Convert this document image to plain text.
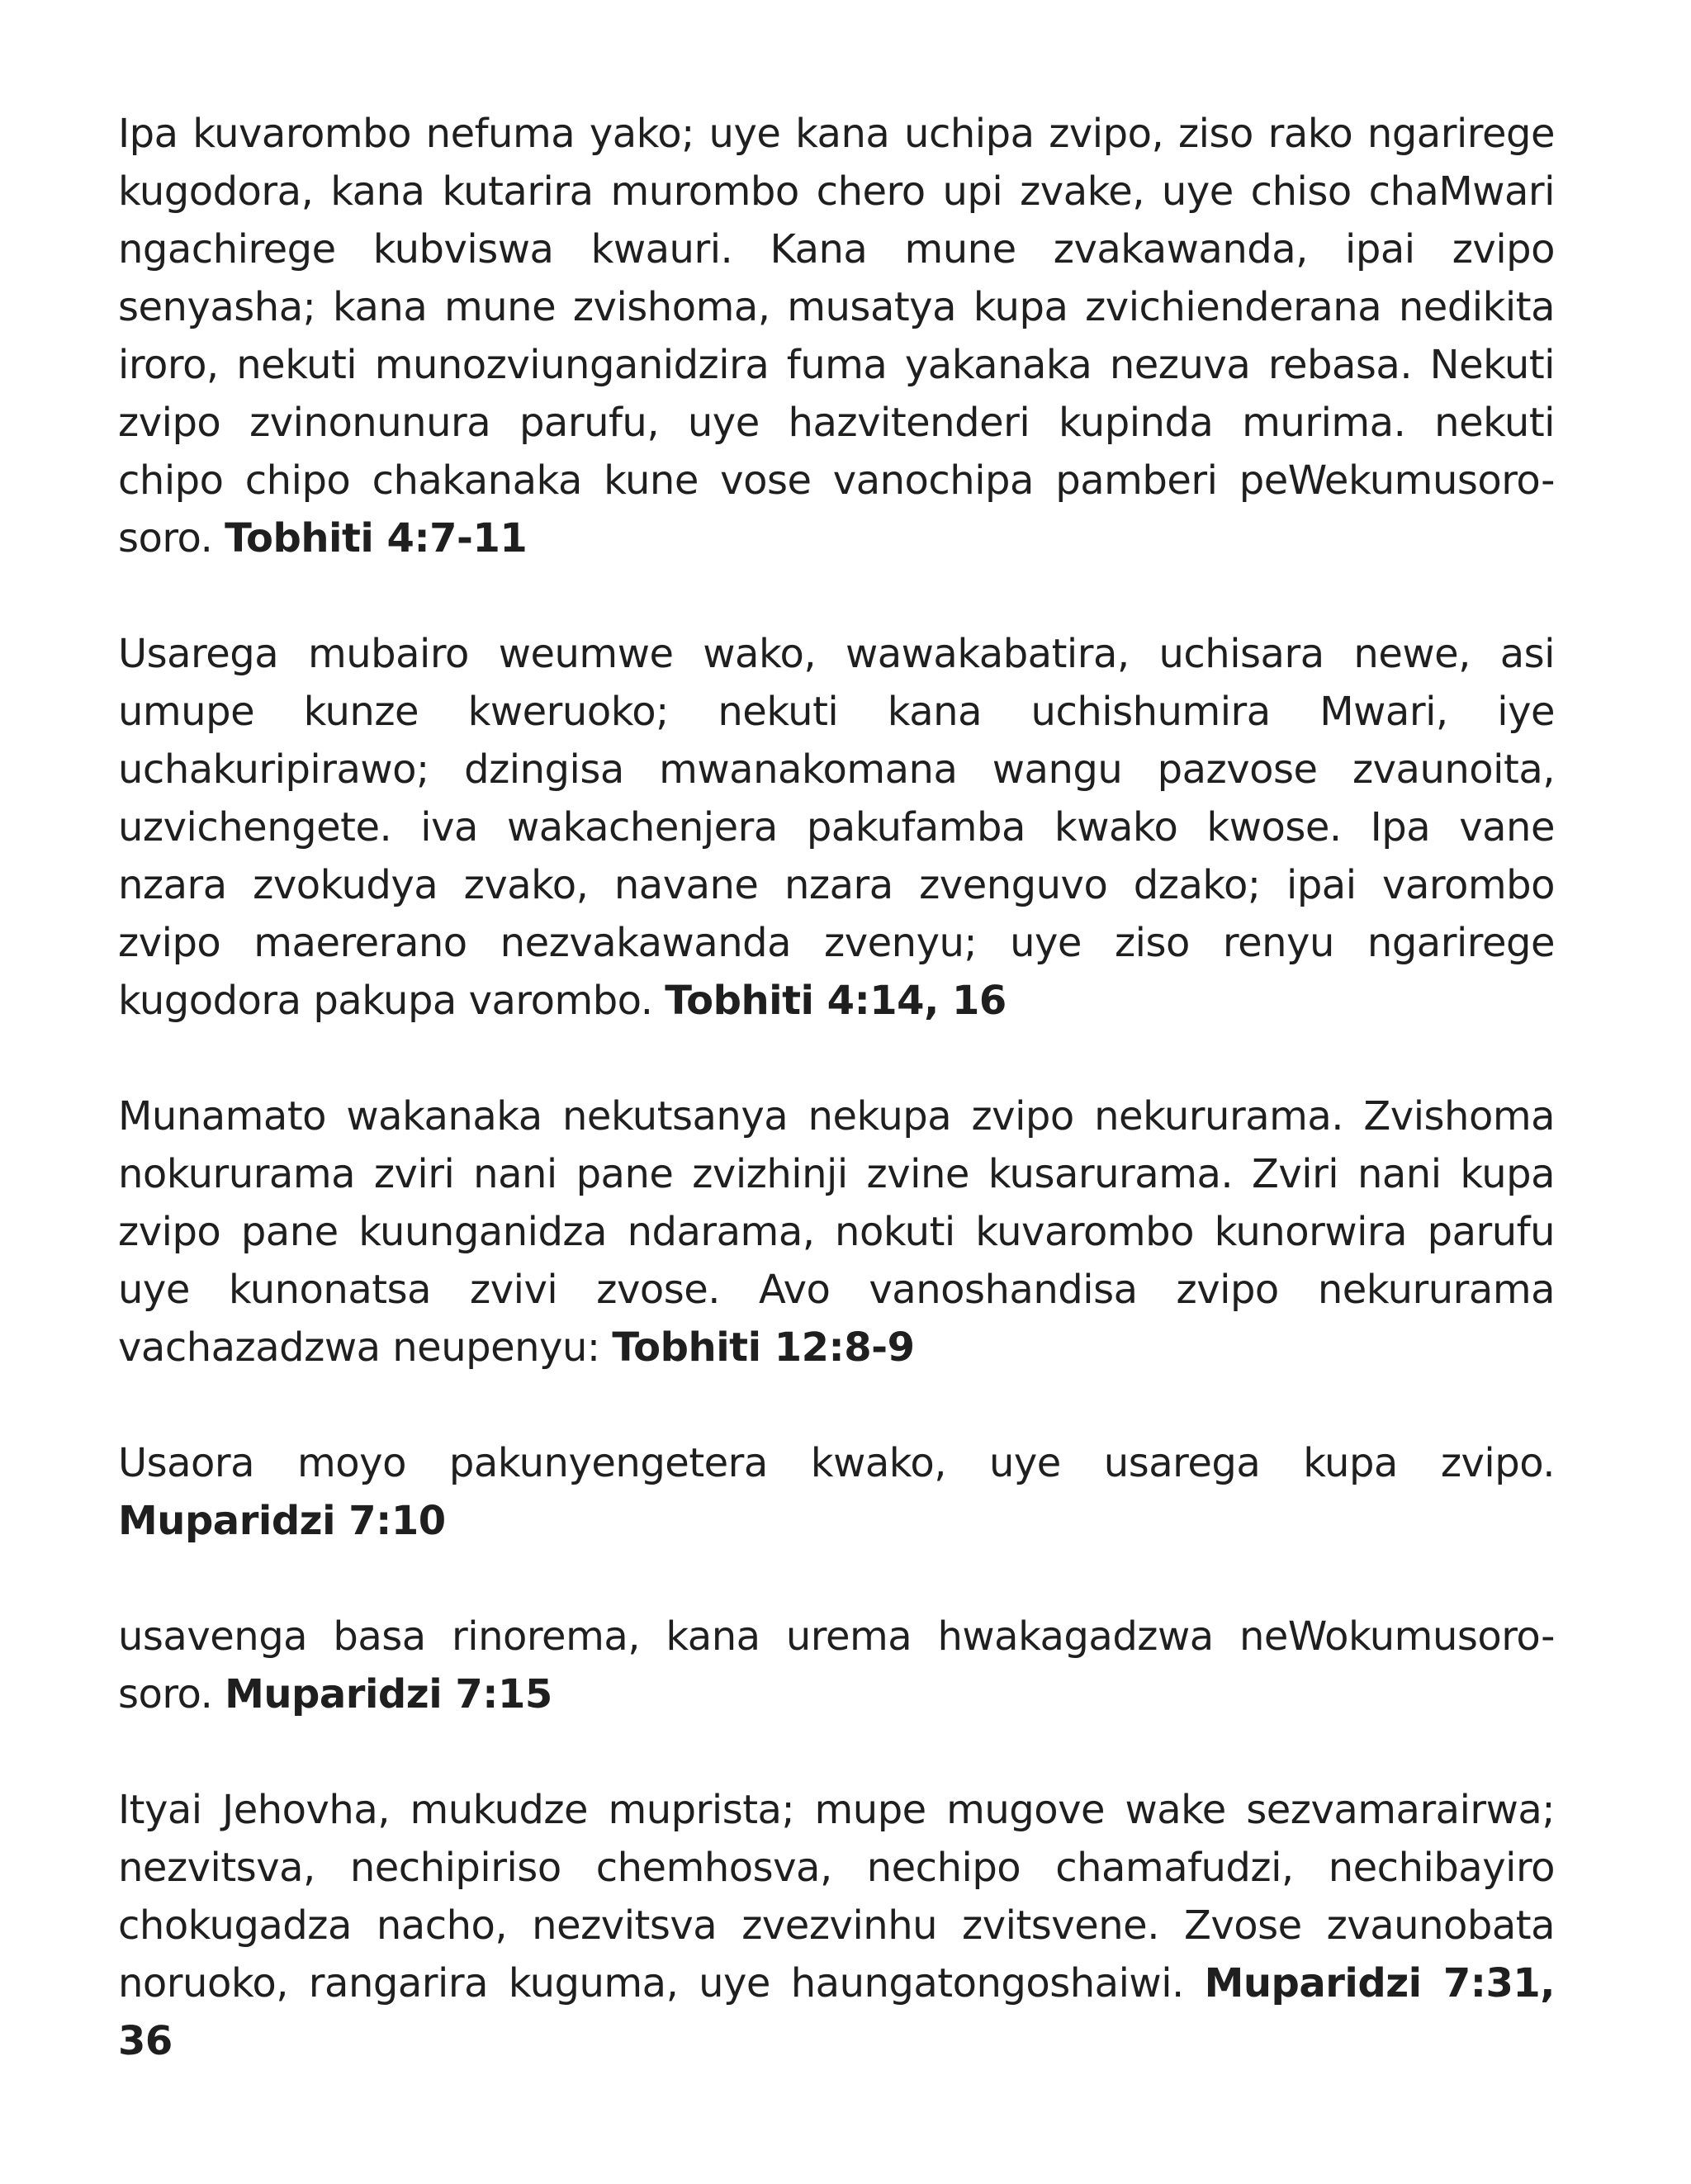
Ipa kuvarombo nefuma yako; uye kana uchipa zvipo, ziso rako ngarirege kugodora, kana kutarira murombo chero upi zvake, uye chiso chaMwari ngachirege kubviswa kwauri. Kana mune zvakawanda, ipai zvipo senyasha; kana mune zvishoma, musatya kupa zvichienderana nedikita iroro, nekuti munozviunganidzira fuma yakanaka nezuva rebasa. Nekuti zvipo zvinonunura parufu, uye hazvitenderi kupinda murima. nekuti chipo chipo chakanaka kune vose vanochipa pamberi peWekumusoro-soro. Tobhiti 4:7-11

Usarega mubairo weumwe wako, wawakabatira, uchisara newe, asi umupe kunze kweruoko; nekuti kana uchishumira Mwari, iye uchakuripirawo; dzingisa mwanakomana wangu pazvose zvaunoita, uzvichengete. iva wakachenjera pakufamba kwako kwose. Ipa vane nzara zvokudya zvako, navane nzara zvenguvo dzako; ipai varombo zvipo maererano nezvakawanda zvenyu; uye ziso renyu ngarirege kugodora pakupa varombo. Tobhiti 4:14, 16

Munamato wakanaka nekutsanya nekupa zvipo nekururama. Zvishoma nokururama zviri nani pane zvizhinji zvine kusarurama. Zviri nani kupa zvipo pane kuunganidza ndarama, nokuti kuvarombo kunorwira parufu uye kunonatsa zvivi zvose. Avo vanoshandisa zvipo nekururama vachazadzwa neupenyu: Tobhiti 12:8-9

Usaora moyo pakunyengetera kwako, uye usarega kupa zvipo. Muparidzi 7:10

usavenga basa rinorema, kana urema hwakagadzwa neWokumusoro-soro. Muparidzi 7:15

Ityai Jehovha, mukudze muprista; mupe mugove wake sezvamarairwa; nezvitsva, nechipiriso chemhosva, nechipo chamafudzi, nechibayiro chokugadza nacho, nezvitsva zvezvinhu zvitsvene. Zvose zvaunobata noruoko, rangarira kuguma, uye haungatongoshaiwi. Muparidzi 7:31, 36
